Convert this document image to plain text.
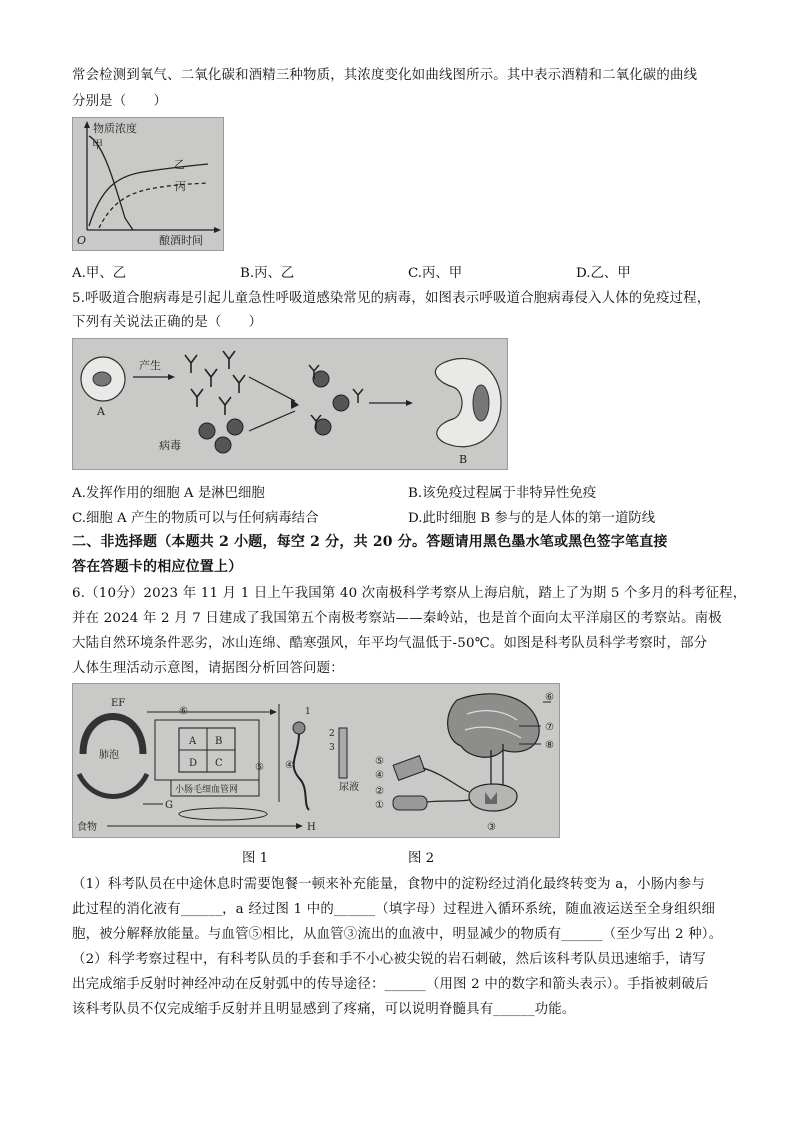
常会检测到氧气、二氧化碳和酒精三种物质，其浓度变化如曲线图所示。其中表示酒精和二氧化碳的曲线
分别是（　　）
物质浓度
甲
乙
丙
O	酿酒时间
A.甲、乙	B.丙、乙	C.丙、甲	D.乙、甲
5.呼吸道合胞病毒是引起儿童急性呼吸道感染常见的病毒，如图表示呼吸道合胞病毒侵入人体的免疫过程，
下列有关说法正确的是（　　）
A
产生
病毒
B
A.发挥作用的细胞 A 是淋巴细胞	B.该免疫过程属于非特异性免疫
C.细胞 A 产生的物质可以与任何病毒结合	D.此时细胞 B 参与的是人体的第一道防线
二、非选择题（本题共 2 小题，每空 2 分，共 20 分。答题请用黑色墨水笔或黑色签字笔直接
答在答题卡的相应位置上）
6.（10分）2023 年 11 月 1 日上午我国第 40 次南极科学考察从上海启航，踏上了为期 5 个多月的科考征程，
并在 2024 年 2 月 7 日建成了我国第五个南极考察站——秦岭站，也是首个面向太平洋扇区的考察站。南极
大陆自然环境条件恶劣，冰山连绵、酷寒强风，年平均气温低于-50℃。如图是科考队员科学考察时，部分
人体生理活动示意图，请据图分析回答问题：
EF
肺泡
⑥
A B
D C	⑤
小肠毛细血管网
G
食物	H
④
1
2
3
尿液
⑥
⑦
⑧
⑤
④
②
①
③
图 1	图 2
（1）科考队员在中途休息时需要饱餐一顿来补充能量，食物中的淀粉经过消化最终转变为 a，小肠内参与
此过程的消化液有______，a 经过图 1 中的______（填字母）过程进入循环系统，随血液运送至全身组织细
胞，被分解释放能量。与血管⑤相比，从血管③流出的血液中，明显减少的物质有______（至少写出 2 种）。
（2）科学考察过程中，有科考队员的手套和手不小心被尖锐的岩石刺破，然后该科考队员迅速缩手，请写
出完成缩手反射时神经冲动在反射弧中的传导途径：______（用图 2 中的数字和箭头表示）。手指被刺破后
该科考队员不仅完成缩手反射并且明显感到了疼痛，可以说明脊髓具有______功能。
